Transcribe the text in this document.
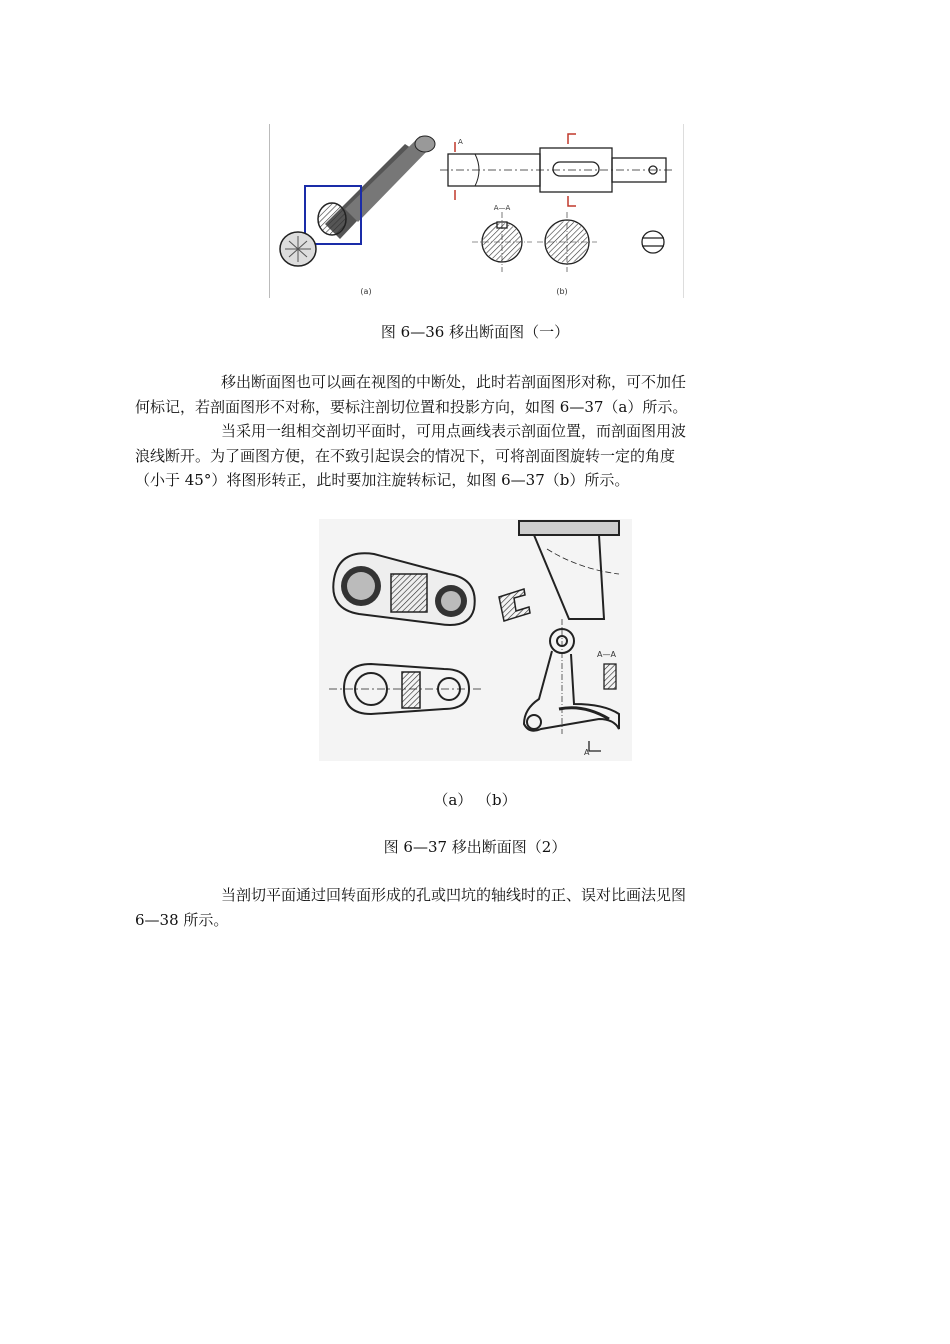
(a)
A
A—A
(b)
图 6—36 移出断面图（一）

移出断面图也可以画在视图的中断处，此时若剖面图形对称，可不加任

何标记，若剖面图形不对称，要标注剖切位置和投影方向，如图 6—37（a）所示。

当采用一组相交剖切平面时，可用点画线表示剖面位置，而剖面图用波

浪线断开。为了画图方便，在不致引起误会的情况下，可将剖面图旋转一定的角度
（小于 45°）将图形转正，此时要加注旋转标记，如图 6—37（b）所示。
A—A
A
（a） （b）
图 6—37 移出断面图（2）

当剖切平面通过回转面形成的孔或凹坑的轴线时的正、误对比画法见图

6—38 所示。
